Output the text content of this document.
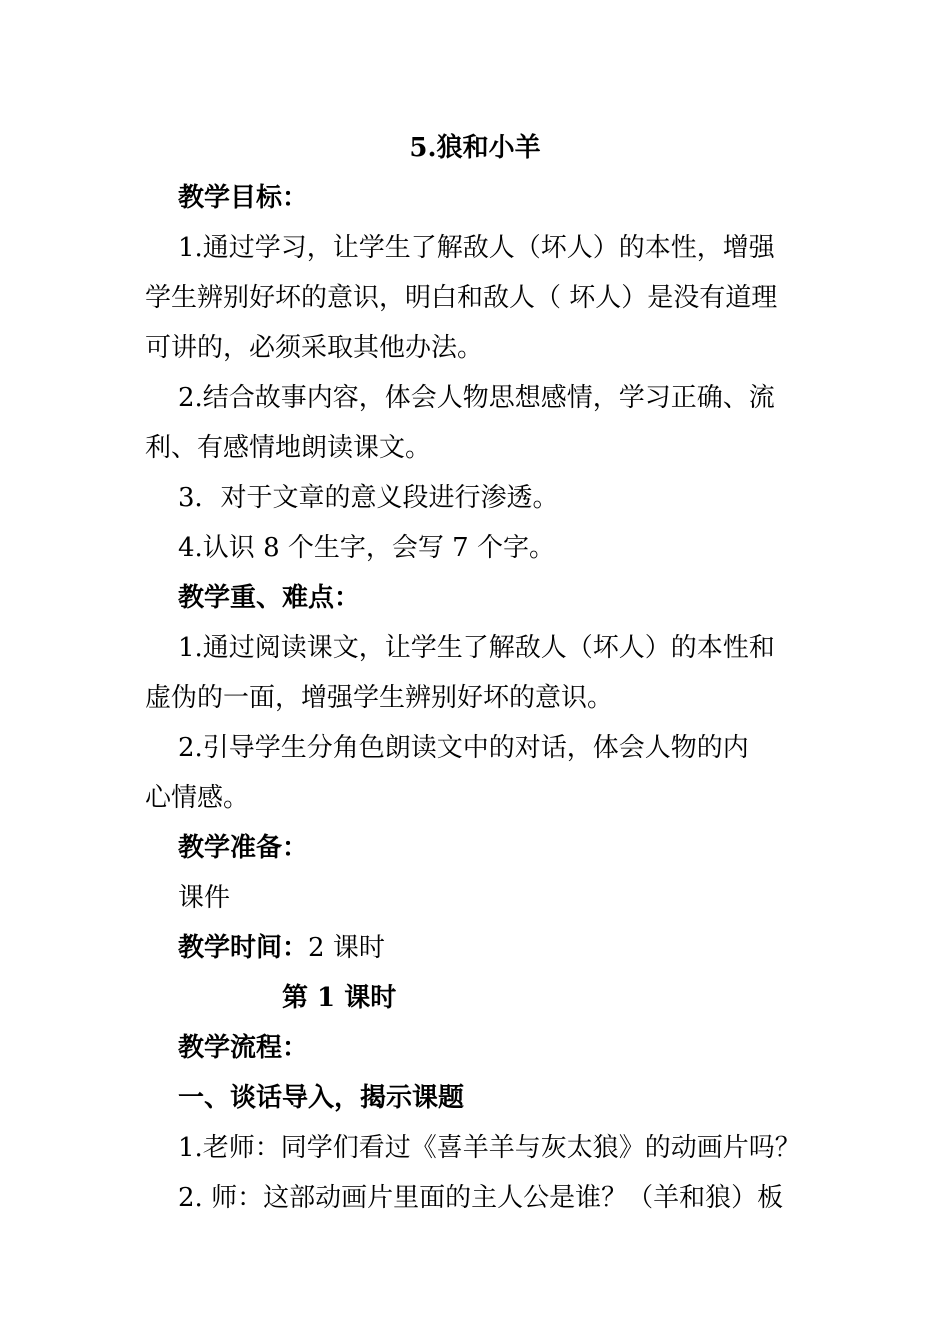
5.狼和小羊
教学目标：
1.通过学习，让学生了解敌人（坏人）的本性，增强
学生辨别好坏的意识，明白和敌人（ 坏人）是没有道理
可讲的，必须采取其他办法。
2.结合故事内容，体会人物思想感情，学习正确、流
利、有感情地朗读课文。
3．对于文章的意义段进行渗透。
4.认识 8 个生字，会写 7 个字。
教学重、难点：
1.通过阅读课文，让学生了解敌人（坏人）的本性和
虚伪的一面，增强学生辨别好坏的意识。
2.引导学生分角色朗读文中的对话，体会人物的内
心情感。
教学准备：
课件
教学时间：2 课时
第 1 课时
教学流程：
一、谈话导入，揭示课题
1.老师：同学们看过《喜羊羊与灰太狼》的动画片吗？
2. 师：这部动画片里面的主人公是谁？（羊和狼）板
